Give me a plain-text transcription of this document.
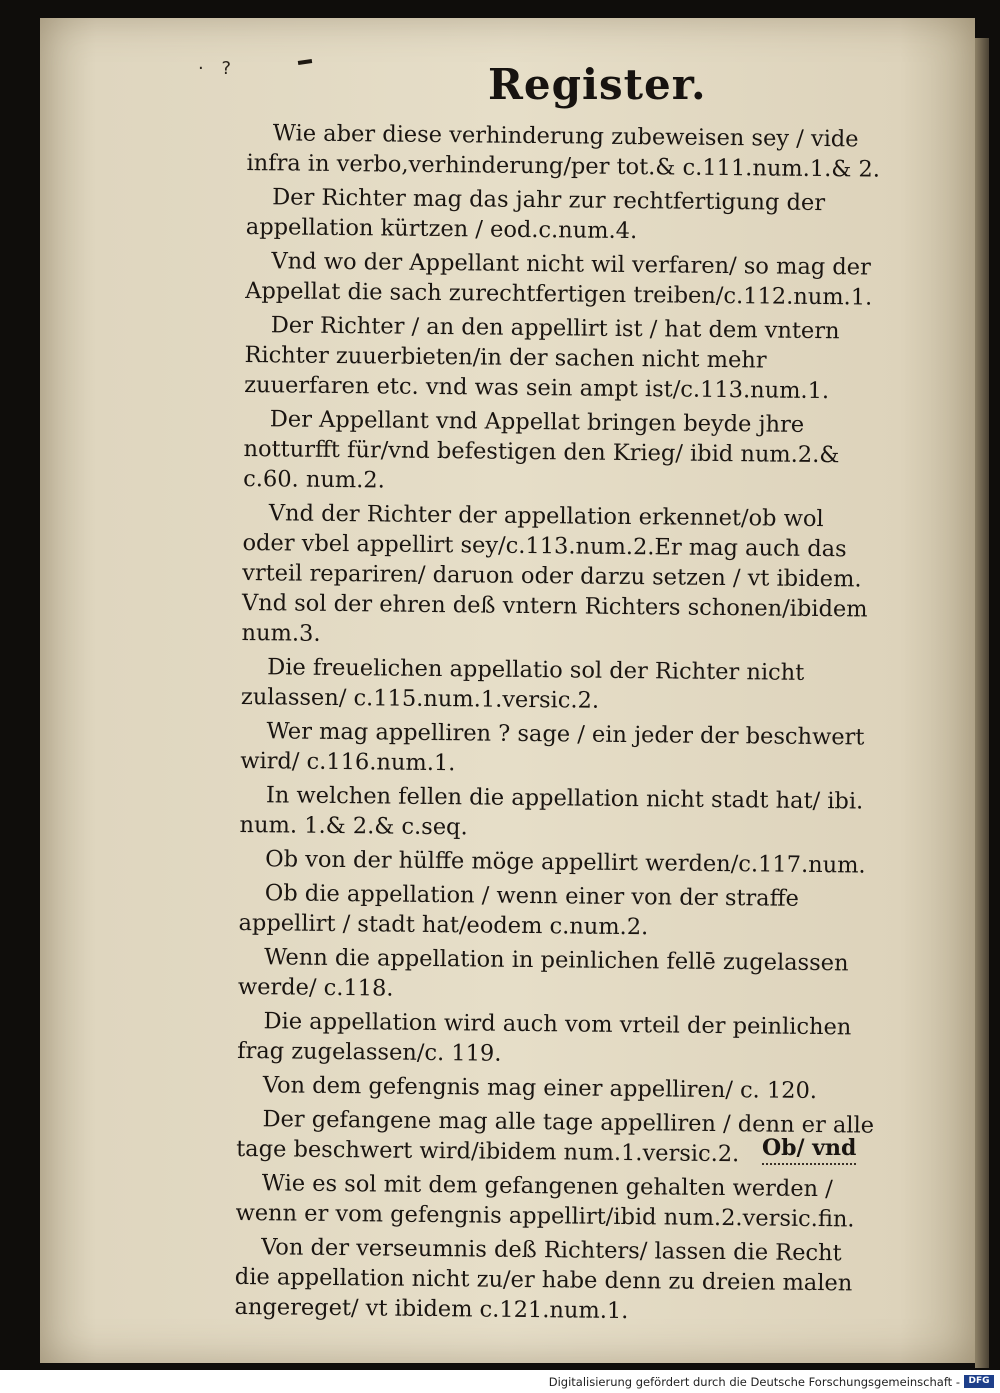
· ?	Register.

Wie aber diese verhinderung zubeweisen sey / vide infra in verbo,verhinderung/per tot.& c.111.num.1.& 2.

Der Richter mag das jahr zur rechtfertigung der appellation kürtzen / eod.c.num.4.

Vnd wo der Appellant nicht wil verfaren/ so mag der Appellat die sach zurechtfertigen treiben/c.112.num.1.

Der Richter / an den appellirt ist / hat dem vntern Richter zuuerbieten/in der sachen nicht mehr zuuerfaren etc. vnd was sein ampt ist/c.113.num.1.

Der Appellant vnd Appellat bringen beyde jhre notturfft für/vnd befestigen den Krieg/ ibid num.2.& c.60. num.2.

Vnd der Richter der appellation erkennet/ob wol oder vbel appellirt sey/c.113.num.2.Er mag auch das vrteil repariren/ daruon oder darzu setzen / vt ibidem. Vnd sol der ehren deß vntern Richters schonen/ibidem num.3.

Die freuelichen appellatio sol der Richter nicht zulassen/ c.115.num.1.versic.2.

Wer mag appelliren ? sage / ein jeder der beschwert wird/ c.116.num.1.

In welchen fellen die appellation nicht stadt hat/ ibi. num. 1.& 2.& c.seq.

Ob von der hülffe möge appellirt werden/c.117.num.

Ob die appellation / wenn einer von der straffe appellirt / stadt hat/eodem c.num.2.

Wenn die appellation in peinlichen fellē zugelassen werde/ c.118.

Die appellation wird auch vom vrteil der peinlichen frag zugelassen/c. 119.

Von dem gefengnis mag einer appelliren/ c. 120.

Der gefangene mag alle tage appelliren / denn er alle tage beschwert wird/ibidem num.1.versic.2.

Wie es sol mit dem gefangenen gehalten werden / wenn er vom gefengnis appellirt/ibid num.2.versic.fin.

Von der verseumnis deß Richters/ lassen die Recht die appellation nicht zu/er habe denn zu dreien malen angereget/ vt ibidem c.121.num.1.

Ob/ vnd
Digitalisierung gefördert durch die Deutsche Forschungsgemeinschaft - DFG
